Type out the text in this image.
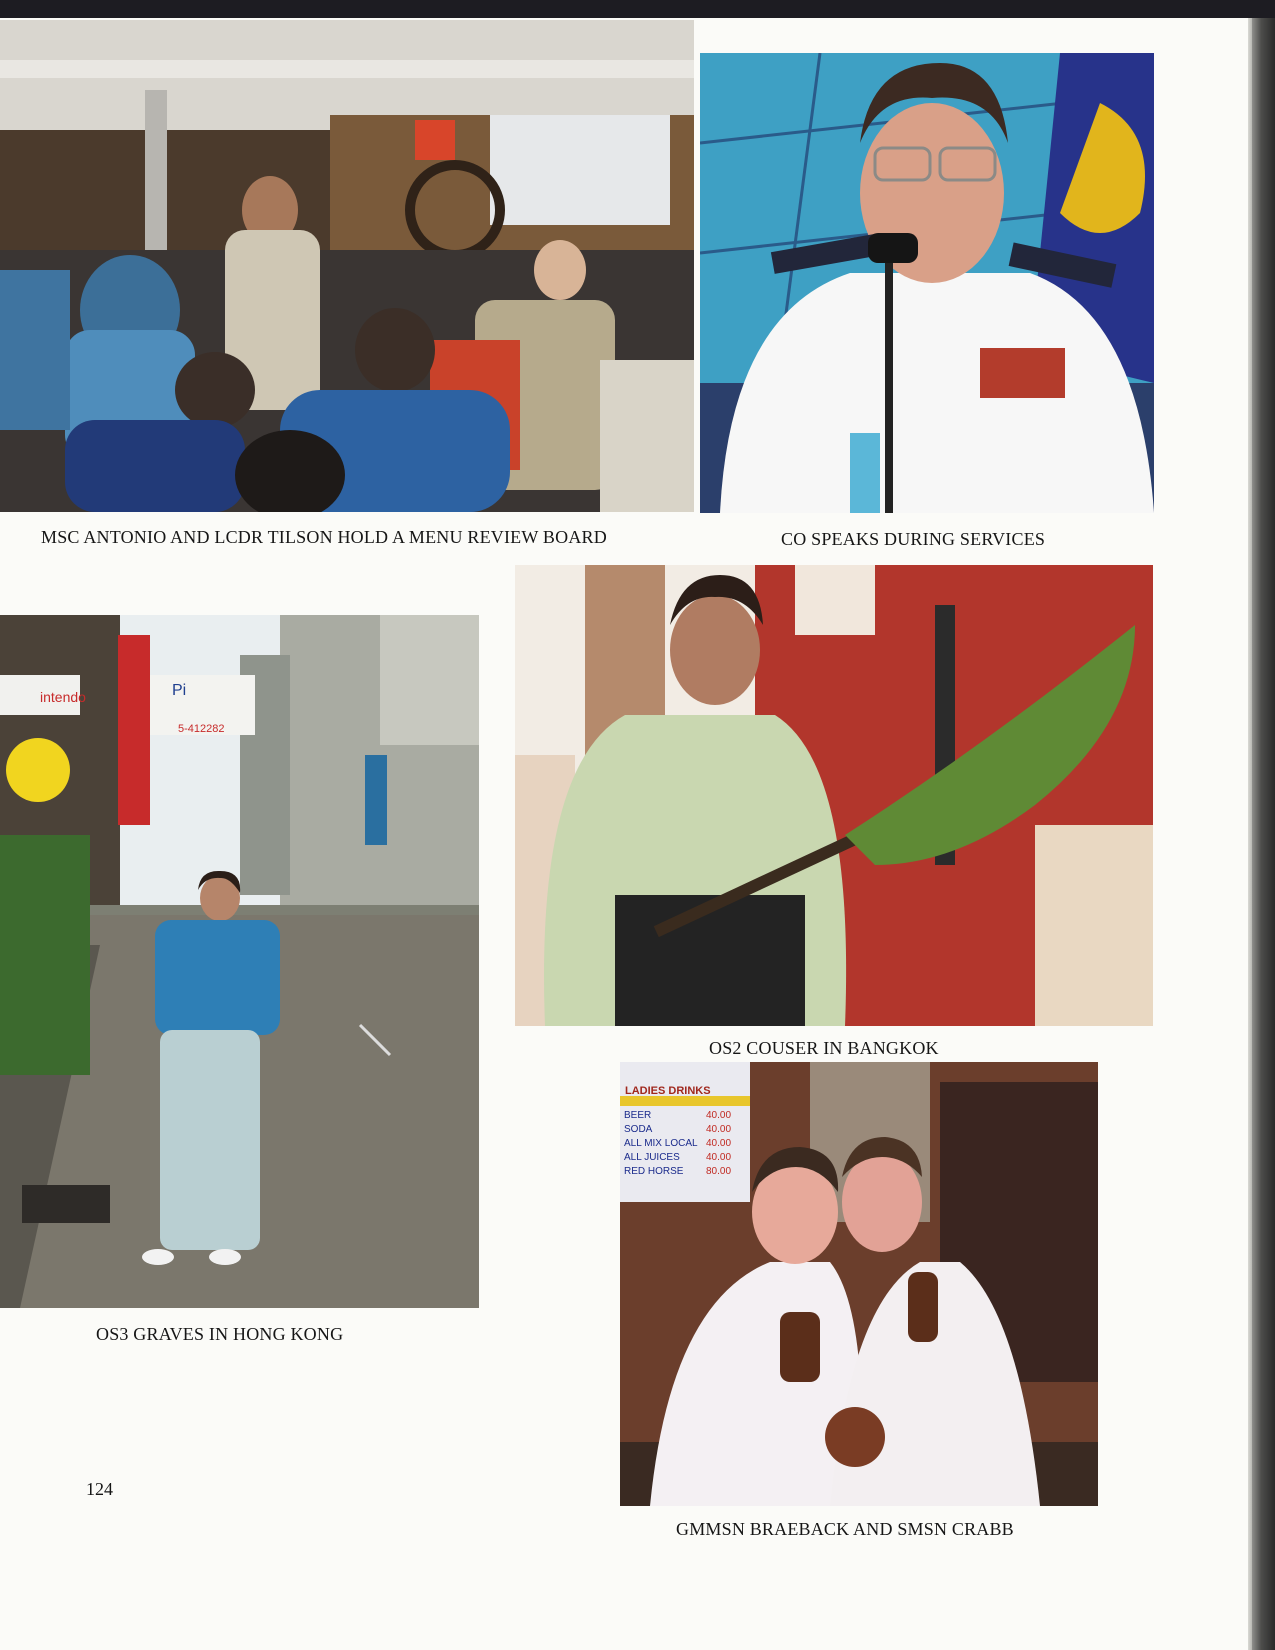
MSC ANTONIO AND LCDR TILSON HOLD A MENU REVIEW BOARD	CO SPEAKS DURING SERVICES
intendo
5-412282
Pi
OS3 GRAVES IN HONG KONG
OS2 COUSER IN BANGKOK
LADIES DRINKS
BEER
SODA
ALL MIX LOCAL
ALL JUICES
RED HORSE
40.00
40.00
40.00
40.00
80.00
GMMSN BRAEBACK AND SMSN CRABB
124
